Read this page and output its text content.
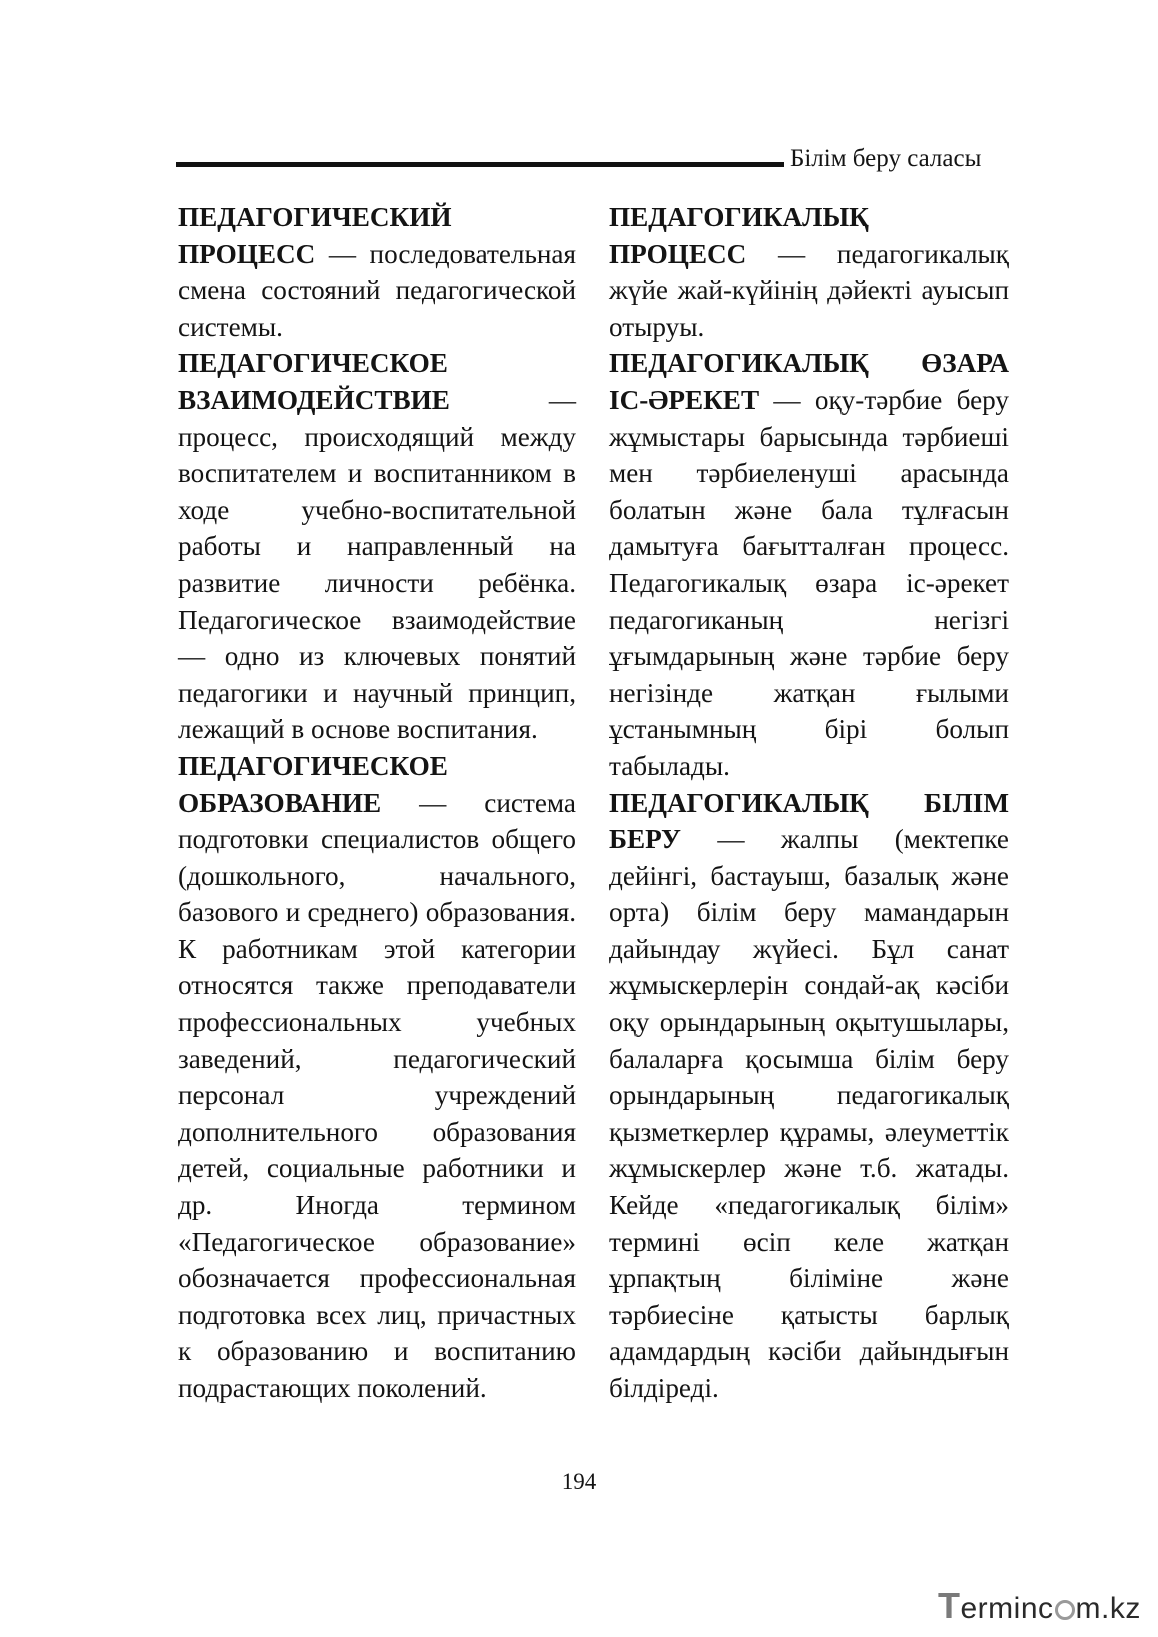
Білім беру саласы

ПЕДАГОГИЧЕСКИЙ ПРОЦЕСС — последовательная смена состояний педагогической системы.

ПЕДАГОГИЧЕСКОЕ ВЗАИМОДЕЙСТВИЕ — процесс, происходящий между воспитателем и воспитанником в ходе учебно-воспитательной работы и направленный на развитие личности ребёнка. Педагогическое взаимодействие — одно из ключевых понятий педагогики и научный принцип, лежащий в основе воспитания.

ПЕДАГОГИЧЕСКОЕ ОБРАЗОВАНИЕ — система подготовки специалистов общего (дошкольного, начального, базового и среднего) образования. К работникам этой категории относятся также преподаватели профессиональных учебных заведений, педагогический персонал учреждений дополнительного образования детей, социальные работники и др. Иногда термином «Педагогическое образование» обозначается профессиональная подготовка всех лиц, причастных к образованию и воспитанию подрастающих поколений.

ПЕДАГОГИКАЛЫҚ ПРОЦЕСС — педагогикалық жүйе жай-күйінің дәйекті ауысып отыруы.

ПЕДАГОГИКАЛЫҚ ӨЗАРА ІС-ӘРЕКЕТ — оқу-тәрбие беру жұмыстары барысында тәрбиеші мен тәрбиеленуші арасында болатын және бала тұлғасын дамытуға бағытталған процесс. Педагогикалық өзара іс-әрекет педагогиканың негізгі ұғымдарының және тәрбие беру негізінде жатқан ғылыми ұстанымның бірі болып табылады.

ПЕДАГОГИКАЛЫҚ БІЛІМ БЕРУ — жалпы (мектепке дейінгі, бастауыш, базалық және орта) білім беру мамандарын дайындау жүйесі. Бұл санат жұмыскерлерін сондай-ақ кәсіби оқу орындарының оқытушылары, балаларға қосымша білім беру орындарының педагогикалық қызметкерлер құрамы, әлеуметтік жұмыскерлер және т.б. жатады. Кейде «педагогикалық білім» термині өсіп келе жатқан ұрпақтың біліміне және тәрбиесіне қатысты барлық адамдардың кәсіби дайындығын білдіреді.

194
Terminc m.kz
